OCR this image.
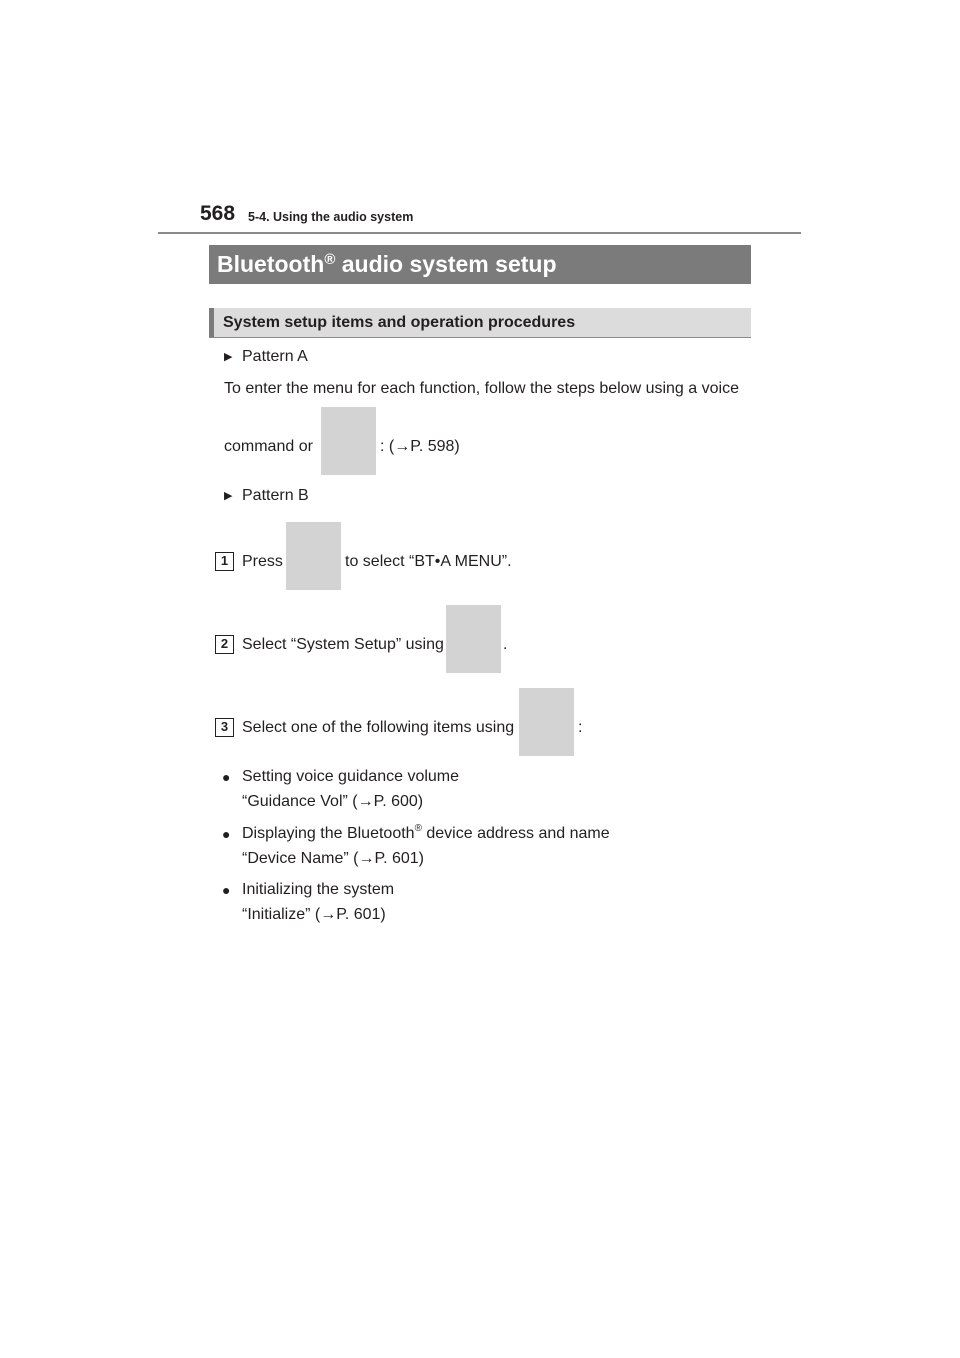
568 5-4. Using the audio system
Bluetooth® audio system setup
System setup items and operation procedures
▶ Pattern A
To enter the menu for each function, follow the steps below using a voice
command or	: (→P. 598)
▶ Pattern B
1 Press	to select “BT•A MENU”.
2 Select “System Setup” using	.
3 Select one of the following items using	:
● Setting voice guidance volume
“Guidance Vol” (→P. 600)
● Displaying the Bluetooth® device address and name
“Device Name” (→P. 601)
● Initializing the system
“Initialize” (→P. 601)
